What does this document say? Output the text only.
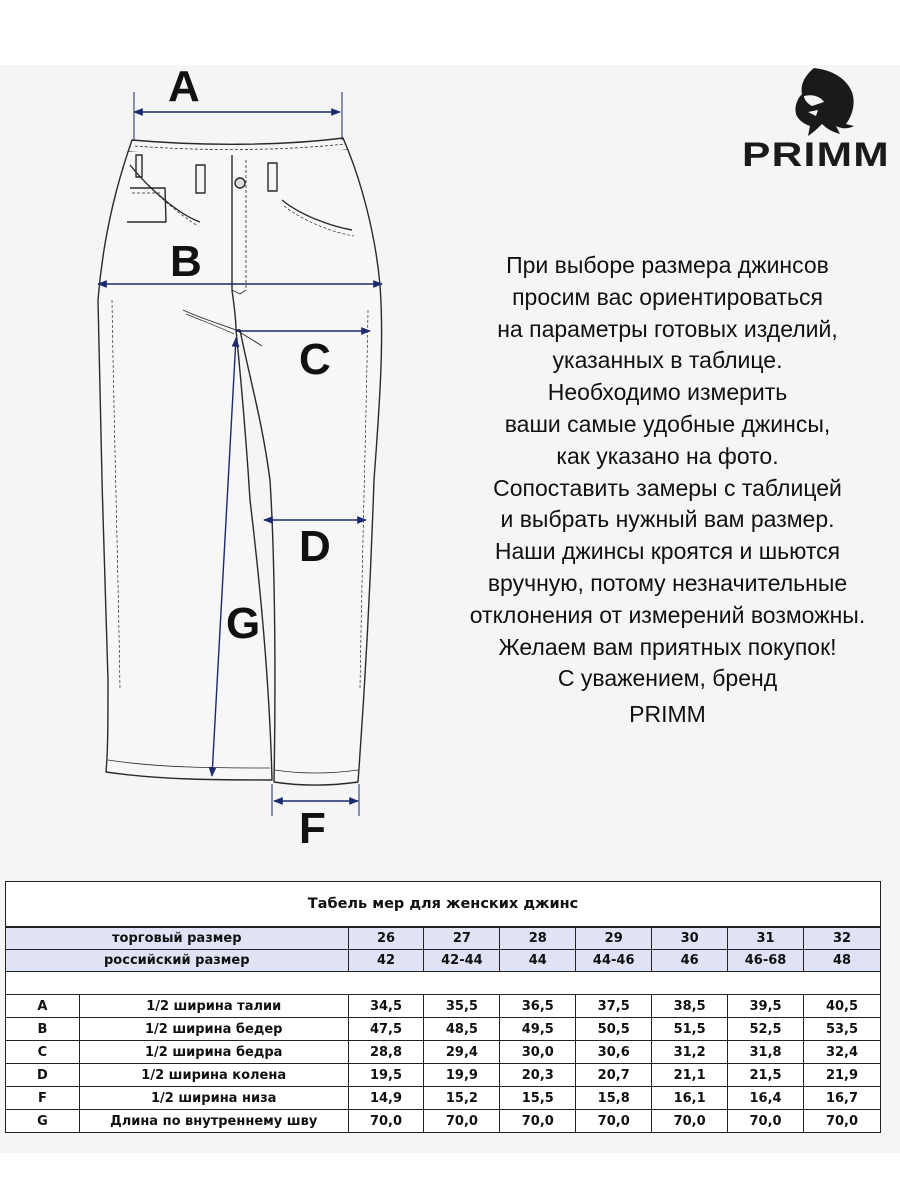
A
B
C
D
G
F
PRIMM
При выборе размера джинсов
просим вас ориентироваться
на параметры готовых изделий,
указанных в таблице.
Необходимо измерить
ваши самые удобные джинсы,
как указано на фото.
Сопоставить замеры с таблицей
и выбрать нужный вам размер.
Наши джинсы кроятся и шьются
вручную, потому незначительные
отклонения от измерений возможны.
Желаем вам приятных покупок!
С уважением, бренд
PRIMM
Табель мер для женских джинс								
торговый размер		26	27	28	29	30	31	32
российский размер		42	42-44	44	44-46	46	46-68	48

A	1/2 ширина талии	34,5	35,5	36,5	37,5	38,5	39,5	40,5
B	1/2 ширина бедер	47,5	48,5	49,5	50,5	51,5	52,5	53,5
C	1/2 ширина бедра	28,8	29,4	30,0	30,6	31,2	31,8	32,4
D	1/2 ширина колена	19,5	19,9	20,3	20,7	21,1	21,5	21,9
F	1/2 ширина низа	14,9	15,2	15,5	15,8	16,1	16,4	16,7
G	Длина по внутреннему шву	70,0	70,0	70,0	70,0	70,0	70,0	70,0
